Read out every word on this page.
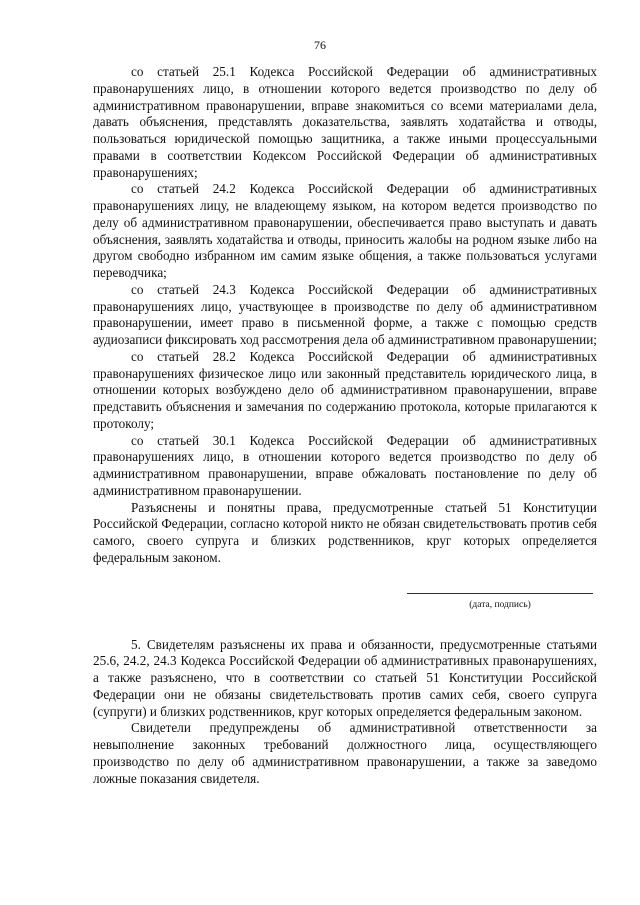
76

со статьей 25.1 Кодекса Российской Федерации об административных правонарушениях лицо, в отношении которого ведется производство по делу об административном правонарушении, вправе знакомиться со всеми материалами дела, давать объяснения, представлять доказательства, заявлять ходатайства и отводы, пользоваться юридической помощью защитника, а также иными процессуальными правами в соответствии Кодексом Российской Федерации об административных правонарушениях;

со статьей 24.2 Кодекса Российской Федерации об административных правонарушениях лицу, не владеющему языком, на котором ведется производство по делу об административном правонарушении, обеспечивается право выступать и давать объяснения, заявлять ходатайства и отводы, приносить жалобы на родном языке либо на другом свободно избранном им самим языке общения, а также пользоваться услугами переводчика;

со статьей 24.3 Кодекса Российской Федерации об административных правонарушениях лицо, участвующее в производстве по делу об административном правонарушении, имеет право в письменной форме, а также с помощью средств аудиозаписи фиксировать ход рассмотрения дела об административном правонарушении;

со статьей 28.2 Кодекса Российской Федерации об административных правонарушениях физическое лицо или законный представитель юридического лица, в отношении которых возбуждено дело об административном правонарушении, вправе представить объяснения и замечания по содержанию протокола, которые прилагаются к протоколу;

со статьей 30.1 Кодекса Российской Федерации об административных правонарушениях лицо, в отношении которого ведется производство по делу об административном правонарушении, вправе обжаловать постановление по делу об административном правонарушении.

Разъяснены и понятны права, предусмотренные статьей 51 Конституции Российской Федерации, согласно которой никто не обязан свидетельствовать против себя самого, своего супруга и близких родственников, круг которых определяется федеральным законом.

(дата, подпись)

5. Свидетелям разъяснены их права и обязанности, предусмотренные статьями 25.6, 24.2, 24.3 Кодекса Российской Федерации об административных правонарушениях, а также разъяснено, что в соответствии со статьей 51 Конституции Российской Федерации они не обязаны свидетельствовать против самих себя, своего супруга (супруги) и близких родственников, круг которых определяется федеральным законом.

Свидетели предупреждены об административной ответственности за невыполнение законных требований должностного лица, осуществляющего производство по делу об административном правонарушении, а также за заведомо ложные показания свидетеля.
